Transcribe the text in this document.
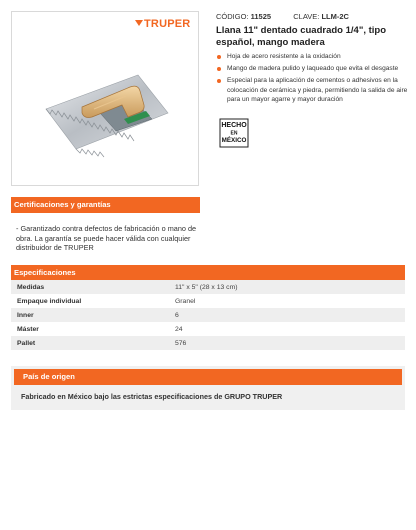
TRUPER
CÓDIGO: 11525	CLAVE: LLM-2C
Llana 11" dentado cuadrado 1/4", tipo español, mango madera
Hoja de acero resistente a la oxidación
Mango de madera pulido y laqueado que evita el desgaste
Especial para la aplicación de cementos o adhesivos en la colocación de cerámica y piedra, permitiendo la salida de aire para un mayor agarre y mayor duración
HECHO
EN
MÉXICO
Certificaciones y garantías
- Garantizado contra defectos de fabricación o mano de obra. La garantía se puede hacer válida con cualquier distribuidor de TRUPER
Especificaciones
Medidas	11" x 5" (28 x 13 cm)
Empaque individual	Granel
Inner	6
Máster	24
Pallet	576
País de origen
Fabricado en México bajo las estrictas especificaciones de GRUPO TRUPER
